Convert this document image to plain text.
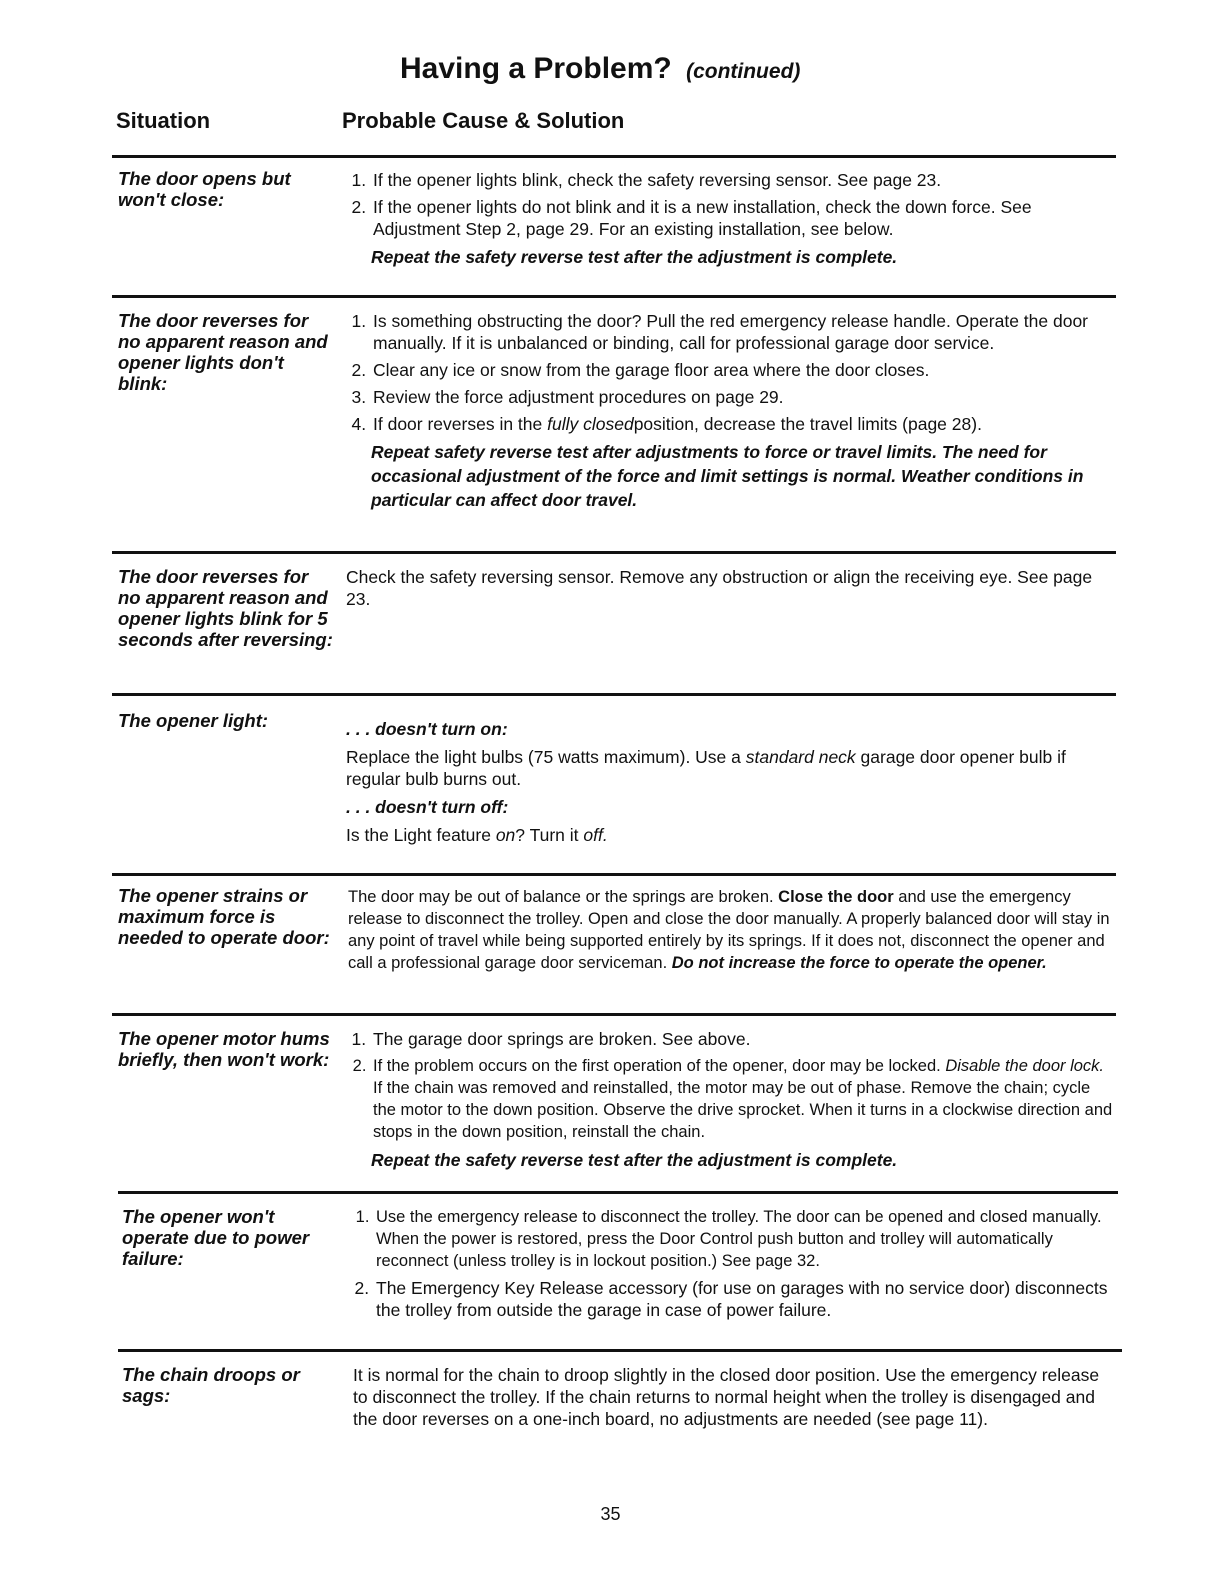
Having a Problem? (continued)
Situation	Probable Cause & Solution
The door opens but won't close:
1. If the opener lights blink, check the safety reversing sensor. See page 23.
2. If the opener lights do not blink and it is a new installation, check the down force. See Adjustment Step 2, page 29. For an existing installation, see below.
Repeat the safety reverse test after the adjustment is complete.
The door reverses for no apparent reason and opener lights don't blink:
1. Is something obstructing the door? Pull the red emergency release handle. Operate the door manually. If it is unbalanced or binding, call for professional garage door service.
2. Clear any ice or snow from the garage floor area where the door closes.
3. Review the force adjustment procedures on page 29.
4. If door reverses in the fully closedposition, decrease the travel limits (page 28).
Repeat safety reverse test after adjustments to force or travel limits. The need for occasional adjustment of the force and limit settings is normal. Weather conditions in particular can affect door travel.
The door reverses for no apparent reason and opener lights blink for 5 seconds after reversing:
Check the safety reversing sensor. Remove any obstruction or align the receiving eye. See page 23.
The opener light:	. . . doesn't turn on:
Replace the light bulbs (75 watts maximum). Use a standard neck garage door opener bulb if regular bulb burns out.
. . . doesn't turn off:
Is the Light feature on? Turn it off.
The opener strains or maximum force is needed to operate door:
The door may be out of balance or the springs are broken. Close the door and use the emergency release to disconnect the trolley. Open and close the door manually. A properly balanced door will stay in any point of travel while being supported entirely by its springs. If it does not, disconnect the opener and call a professional garage door serviceman. Do not increase the force to operate the opener.
The opener motor hums briefly, then won't work:
1. The garage door springs are broken. See above.
2. If the problem occurs on the first operation of the opener, door may be locked. Disable the door lock. If the chain was removed and reinstalled, the motor may be out of phase. Remove the chain; cycle the motor to the down position. Observe the drive sprocket. When it turns in a clockwise direction and stops in the down position, reinstall the chain.
Repeat the safety reverse test after the adjustment is complete.
The opener won't operate due to power failure:
1. Use the emergency release to disconnect the trolley. The door can be opened and closed manually. When the power is restored, press the Door Control push button and trolley will automatically reconnect (unless trolley is in lockout position.) See page 32.
2. The Emergency Key Release accessory (for use on garages with no service door) disconnects the trolley from outside the garage in case of power failure.
The chain droops or sags:
It is normal for the chain to droop slightly in the closed door position. Use the emergency release to disconnect the trolley. If the chain returns to normal height when the trolley is disengaged and the door reverses on a one-inch board, no adjustments are needed (see page 11).
35
